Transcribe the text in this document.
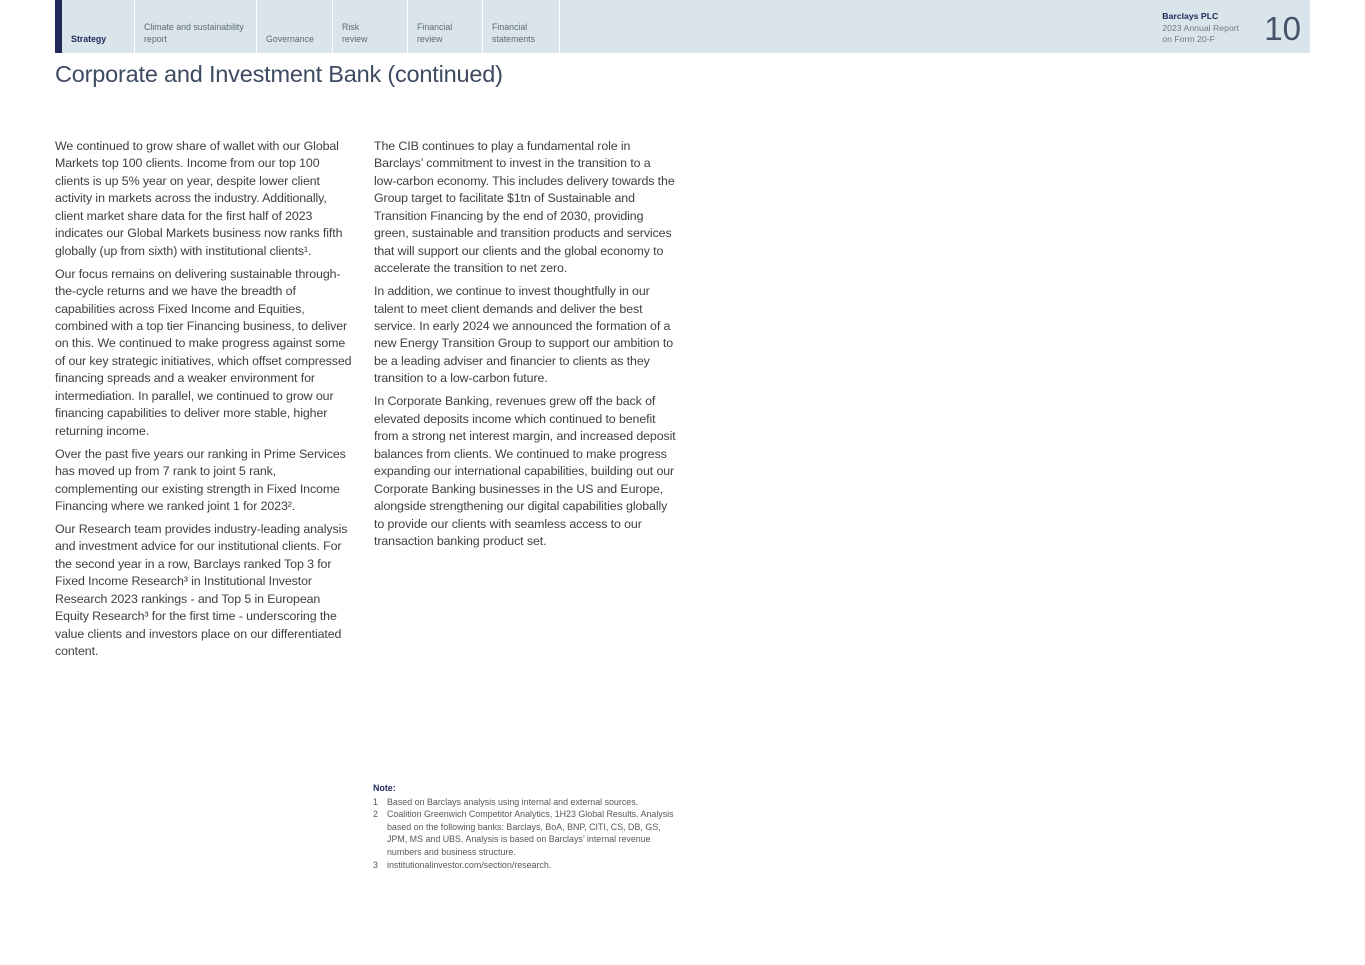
Strategy
Climate and sustainability report	Governance
Risk review
Financial review
Financial statements
Barclays PLC
2023 Annual Report
on Form 20-F	10
Corporate and Investment Bank (continued)

We continued to grow share of wallet with our Global Markets top 100 clients. Income from our top 100 clients is up 5% year on year, despite lower client activity in markets across the industry. Additionally, client market share data for the first half of 2023 indicates our Global Markets business now ranks fifth globally (up from sixth) with institutional clients¹.

Our focus remains on delivering sustainable through-the-cycle returns and we have the breadth of capabilities across Fixed Income and Equities, combined with a top tier Financing business, to deliver on this. We continued to make progress against some of our key strategic initiatives, which offset compressed financing spreads and a weaker environment for intermediation. In parallel, we continued to grow our financing capabilities to deliver more stable, higher returning income.

Over the past five years our ranking in Prime Services has moved up from 7 rank to joint 5 rank, complementing our existing strength in Fixed Income Financing where we ranked joint 1 for 2023².

Our Research team provides industry-leading analysis and investment advice for our institutional clients. For the second year in a row, Barclays ranked Top 3 for Fixed Income Research³ in Institutional Investor Research 2023 rankings - and Top 5 in European Equity Research³ for the first time - underscoring the value clients and investors place on our differentiated content.

The CIB continues to play a fundamental role in Barclays’ commitment to invest in the transition to a low-carbon economy. This includes delivery towards the Group target to facilitate $1tn of Sustainable and Transition Financing by the end of 2030, providing green, sustainable and transition products and services that will support our clients and the global economy to accelerate the transition to net zero.

In addition, we continue to invest thoughtfully in our talent to meet client demands and deliver the best service. In early 2024 we announced the formation of a new Energy Transition Group to support our ambition to be a leading adviser and financier to clients as they transition to a low-carbon future.

In Corporate Banking, revenues grew off the back of elevated deposits income which continued to benefit from a strong net interest margin, and increased deposit balances from clients. We continued to make progress expanding our international capabilities, building out our Corporate Banking businesses in the US and Europe, alongside strengthening our digital capabilities globally to provide our clients with seamless access to our transaction banking product set.

Note:
1	Based on Barclays analysis using internal and external sources.
2	Coalition Greenwich Competitor Analytics, 1H23 Global Results. Analysis based on the following banks: Barclays, BoA, BNP, CITI, CS, DB, GS, JPM, MS and UBS. Analysis is based on Barclays’ internal revenue numbers and business structure.
3	institutionalinvestor.com/section/research.
